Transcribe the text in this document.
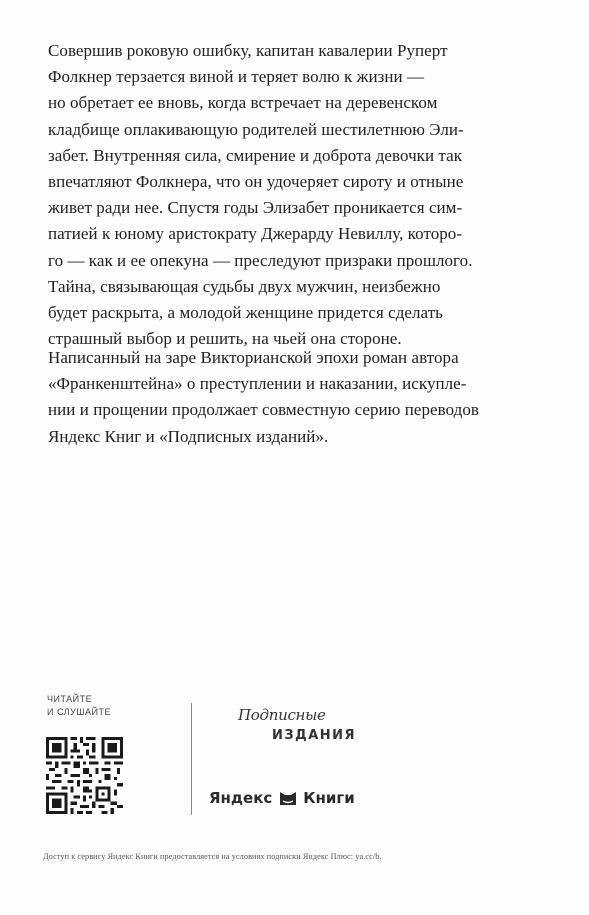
Совершив роковую ошибку, капитан кавалерии Руперт
Фолкнер терзается виной и теряет волю к жизни —
но обретает ее вновь, когда встречает на деревенском
кладбище оплакивающую родителей шестилетнюю Эли-
забет. Внутренняя сила, смирение и доброта девочки так
впечатляют Фолкнера, что он удочеряет сироту и отныне
живет ради нее. Спустя годы Элизабет проникается сим-
патией к юному аристократу Джерарду Невиллу, которо-
го — как и ее опекуна — преследуют призраки прошлого.
Тайна, связывающая судьбы двух мужчин, неизбежно
будет раскрыта, а молодой женщине придется сделать
страшный выбор и решить, на чьей она стороне.

Написанный на заре Викторианской эпохи роман автора
«Франкенштейна» о преступлении и наказании, искупле-
нии и прощении продолжает совместную серию переводов
Яндекс Книг и «Подписных изданий».

ЧИТАЙТЕ
И СЛУШАЙТЕ	Подписные
ИЗДАНИЯ
Яндекс Книги
Доступ к сервису Яндекс Книги предоставляется на условиях подписки Яндекс Плюс: ya.cc/b.
